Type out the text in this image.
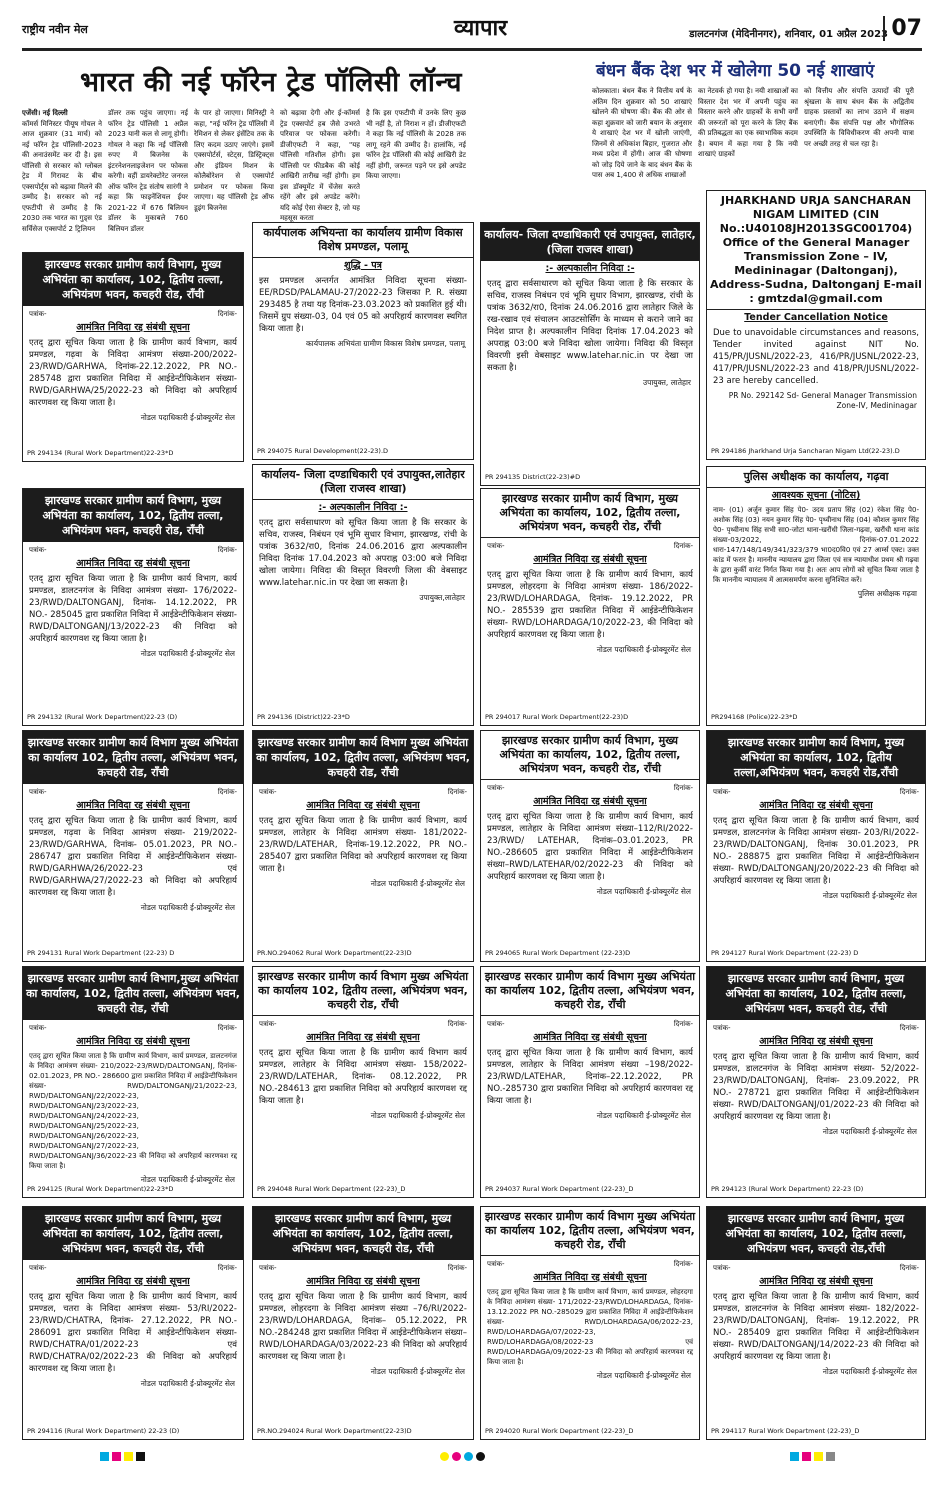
राष्ट्रीय नवीन मेल	व्यापार	डालटनगंज (मेदिनीनगर), शनिवार, 01 अप्रैल 2023 07
भारत की नई फॉरेन ट्रेड पॉलिसी लॉन्च	बंधन बैंक देश भर में खोलेगा 50 नई शाखाएं
एजेंसी। नई दिल्ली
कॉमर्स मिनिस्टर पीयूष गोयल ने आज शुक्रवार (31 मार्च) को नई फॉरेन ट्रेड पॉलिसी-2023 की अनाउंसमेंट कर दी है। इस पॉलिसी से सरकार को ग्लोबल ट्रेड में गिरावट के बीच एक्सपोर्ट्स को बढ़ावा मिलने की उम्मीद है। सरकार को नई एफटीपी से उम्मीद है कि 2030 तक भारत का गुड्स एंड सर्विसेज एक्सपोर्ट 2 ट्रिलियन
डॉलर तक पहुंच जाएगा। नई फॉरेन ट्रेड पॉलिसी 1 अप्रैल 2023 यानी कल से लागू होगी। गोयल ने कहा कि नई पॉलिसी रुपए में बिजनेस के इंटरनेशनलाइजेशन पर फोकस करेगी। वहीं डायरेक्टोरेट जनरल ऑफ फॉरेन ट्रेड संतोष सारंगी ने कहा कि फाइनेंशियल ईयर 2021-22 में 676 बिलियन डॉलर के मुकाबले 760 बिलियन डॉलर
के पार हो जाएगा। मिनिस्ट्री ने कहा, "नई फॉरेन ट्रेड पॉलिसी में रेमिशन से लेकर इंसेंटिव तक के लिए कदम उठाए जाएंगे। इसमें एक्सपोर्टर्स, स्टेट्स, डिस्ट्रिक्ट्स और इंडियन मिशन के कोलैबोरेशन से एक्सपोर्ट प्रमोशन पर फोकस किया जाएगा। यह पॉलिसी ट्रेड ऑफ डूइंग बिजनेस
को बढ़ावा देगी और ई-कॉमर्स ट्रेड एक्सपोर्ट हब जैसे उभरते परिवाज पर फोकस करेगी। डीजीएफटी ने कहा, "यह पॉलिसी गतिशील होगी। इस पॉलिसी पर फीडबैक की कोई आखिरी तारीख नहीं होगी। हम इस डॉक्यूमेंट में चेंजेस करते रहेंगे और इसे अपडेट करेंगे। यदि कोई ऐसा सेक्टर है, जो यह महसूस करता
है कि इस एफटीपी में उनके लिए कुछ भी नहीं है, तो निराश न हों। डीजीएफटी ने कहा कि नई पॉलिसी के 2028 तक लागू रहने की उम्मीद है। हालांकि, नई फॉरेन ट्रेड पॉलिसी की कोई आखिरी डेट नहीं होगी, जरूरत पड़ने पर इसे अपडेट किया जाएगा।
कोलकाता। बंधन बैंक ने वित्तीय वर्ष के अंतिम दिन शुक्रवार को 50 शाखाएं खोलने की घोषणा की। बैंक की ओर से कहा शुक्रवार को जारी बयान के अनुसार ये शाखाएं देश भर में खोली जाएंगी, जिनमें से अधिकांश बिहार, गुजरात और मध्य प्रदेश में होंगी। आज की घोषणा को जोड़ दिये जाने के बाद बंधन बैंक के पास अब 1,400 से अधिक शाखाओं
का नेटवर्क हो गया है। नयी शाखाओं का विस्तार देश भर में अपनी पहुंच का विस्तार करने और ग्राहकों के सभी वर्गों की जरूरतों को पूरा करने के लिए बैंक की प्रतिबद्धता का एक स्वाभाविक कदम है। बयान में कहा गया है कि नयी शाखाएं ग्राहकों
को वित्तीय और संपत्ति उत्पादों की पूरी श्रृंखला के साथ बंधन बैंक के अद्वितीय ग्राहक प्रस्तावों का लाभ उठाने में सक्षम बनाएंगी। बैंक संपत्ति पक्ष और भौगोलिक उपस्थिति के विविधीकरण की अपनी यात्रा पर अच्छी तरह से चल रहा है।
झारखण्ड सरकार ग्रामीण कार्य विभाग, मुख्य अभियंता का कार्यालय, 102, द्वितीय तल्ला, अभियंत्रण भवन, कचहरी रोड, राँची
पत्रांक-	दिनांक-
आमंत्रित निविदा रद्द संबंधी सूचना
एतद् द्वारा सूचित किया जाता है कि ग्रामीण कार्य विभाग, कार्य प्रमण्डल, गढ़वा के निविदा आमंत्रण संख्या-200/2022-23/RWD/GARHWA, दिनांक-22.12.2022, PR NO.- 285748 द्वारा प्रकाशित निविदा में आईडेन्टीफिकेशन संख्या- RWD/GARHWA/25/2022-23 को निविदा को अपरिहार्य कारणवश रद्द किया जाता है।
नोडल पदाधिकारी ई-प्रोक्यूरमेंट सेल
PR 294134 (Rural Work Department)22-23*D
कार्यपालक अभियन्ता का कार्यालय ग्रामीण विकास विशेष प्रमण्डल, पलामू
शुद्धि - पत्र
इस प्रमण्डल अन्तर्गत आमंत्रित निविदा सूचना संख्या- EE/RDSD/PALAMAU-27/2022-23 जिसका P. R. संख्या 293485 है तथा यह दिनांक-23.03.2023 को प्रकाशित हुई थी। जिसमें ग्रुप संख्या-03, 04 एवं 05 को अपरिहार्य कारणवश स्थगित किया जाता है।
कार्यपालक अभियंता ग्रामीण विकास विशेष प्रमण्डल, पलामू
PR 294075 Rural Development(22-23).D
कार्यालय- जिला दण्डाधिकारी एवं उपायुक्त, लातेहार, (जिला राजस्व शाखा)
:- अल्पकालीन निविदा :-
एतद् द्वारा सर्वसाधारण को सूचित किया जाता है कि सरकार के सचिव, राजस्व निबंधन एवं भूमि सुधार विभाग, झारखण्ड, रांची के पत्रांक 3632/रा0, दिनांक 24.06.2016 द्वारा लातेहार जिले के रख-रखाव एवं संचालन आउटसोर्सिंग के माध्यम से कराने जाने का निदेश प्राप्त है। अल्पकालीन निविदा दिनांक 17.04.2023 को अपराह्न 03:00 बजे निविदा खोला जायेगा। निविदा की विस्तृत विवरणी इसी वेबसाइट www.latehar.nic.in पर देखा जा सकता है।
उपायुक्त, लातेहार
PR 294135 District(22-23)#D
JHARKHAND URJA SANCHARAN NIGAM LIMITED (CIN No.:U40108JH2013SGC001704) Office of the General Manager Transmission Zone – IV, Medininagar (Daltonganj), Address-Sudna, Daltonganj E-mail : gmtzdal@gmail.com
Tender Cancellation Notice
Due to unavoidable circumstances and reasons, Tender invited against NIT No. 415/PR/JUSNL/2022-23, 416/PR/JUSNL/2022-23, 417/PR/JUSNL/2022-23 and 418/PR/JUSNL/2022-23 are hereby cancelled.
PR No. 292142 Sd- General Manager Transmission Zone-IV, Medininagar
PR 294186 Jharkhand Urja Sancharan Nigam Ltd(22-23).D
झारखण्ड सरकार ग्रामीण कार्य विभाग, मुख्य अभियंता का कार्यालय, 102, द्वितीय तल्ला, अभियंत्रण भवन, कचहरी रोड, राँची
पत्रांक-	दिनांक-
आमंत्रित निविदा रद्द संबंधी सूचना
एतद् द्वारा सूचित किया जाता है कि ग्रामीण कार्य विभाग, कार्य प्रमण्डल, डालटनगंज के निविदा आमंत्रण संख्या- 176/2022-23/RWD/DALTONGANJ, दिनांक- 14.12.2022, PR NO.- 285045 द्वारा प्रकाशित निविदा में आईडेन्टीफिकेशन संख्या- RWD/DALTONGANJ/13/2022-23 की निविदा को अपरिहार्य कारणवश रद्द किया जाता है।
नोडल पदाधिकारी ई-प्रोक्यूरमेंट सेल
PR 294132 (Rural Work Department)22-23 (D)
कार्यालय- जिला दण्डाधिकारी एवं उपायुक्त,लातेहार (जिला राजस्व शाखा)
:- अल्पकालीन निविदा :-
एतद् द्वारा सर्वसाधारण को सूचित किया जाता है कि सरकार के सचिव, राजस्व, निबंधन एवं भूमि सुधार विभाग, झारखण्ड, रांची के पत्रांक 3632/रा0, दिनांक 24.06.2016 द्वारा अल्पकालीन निविदा दिनांक 17.04.2023 को अपराह्न 03:00 बजे निविदा खोला जायेगा। निविदा की विस्तृत विवरणी जिला की वेबसाइट www.latehar.nic.in पर देखा जा सकता है।
उपायुक्त,लातेहार
PR 294136 (District)22-23*D
झारखण्ड सरकार ग्रामीण कार्य विभाग, मुख्य अभियंता का कार्यालय, 102, द्वितीय तल्ला, अभियंत्रण भवन, कचहरी रोड, राँची
पत्रांक-	दिनांक-
आमंत्रित निविदा रद्द संबंधी सूचना
एतद् द्वारा सूचित किया जाता है कि ग्रामीण कार्य विभाग, कार्य प्रमण्डल, लोहरदगा के निविदा आमंत्रण संख्या- 186/2022-23/RWD/LOHARDAGA, दिनांक- 19.12.2022, PR NO.- 285539 द्वारा प्रकाशित निविदा में आईडेन्टीफिकेशन संख्या- RWD/LOHARDAGA/10/2022-23, की निविदा को अपरिहार्य कारणवश रद्द किया जाता है।
नोडल पदाधिकारी ई-प्रोक्यूरमेंट सेल
PR 294017 Rural Work Department(22-23)D
पुलिस अधीक्षक का कार्यालय, गढ़वा
आवश्यक सूचना (नोटिस)
नाम- (01) अर्जुन कुमार सिंह पे0- उदय प्रताप सिंह (02) रंकेश सिंह पे0- अशोक सिंह (03) नयन कुमार सिंह पे0- पृथ्वीनाथ सिंह (04) कौशल कुमार सिंह पे0- पृथ्वीनाथ सिंह सभी सा0-जोटा थाना-खरौंधी जिला-गढ़वा, खरौंधी थाना कांड संख्या-03/2022, दिनांक-07.01.2022 धारा-147/148/149/341/323/379 भा0द0वि0 एवं 27 आर्म्स एक्ट। उक्त कांड में फरार है। माननीय न्यायालय द्वारा जिला एवं सत्र न्यायाधीश प्रथम श्री गढ़वा के द्वारा कुर्की वारंट निर्गत किया गया है। अतः आप लोगों को सूचित किया जाता है कि माननीय न्यायालय में आत्मसमर्पण करना सुनिश्चित करें।
पुलिस अधीक्षक गढ़वा
PR294168 (Police)22-23*D
झारखण्ड सरकार ग्रामीण कार्य विभाग मुख्य अभियंता का कार्यालय 102, द्वितीय तल्ला, अभियंत्रण भवन, कचहरी रोड, राँची
पत्रांक-	दिनांक-
आमंत्रित निविदा रद्द संबंधी सूचना
एतद् द्वारा सूचित किया जाता है कि ग्रामीण कार्य विभाग, कार्य प्रमण्डल, गढ़वा के निविदा आमंत्रण संख्या- 219/2022-23/RWD/GARHWA, दिनांक- 05.01.2023, PR NO.- 286747 द्वारा प्रकाशित निविदा में आईडेन्टीफिकेशन संख्या- RWD/GARHWA/26/2022-23 एवं RWD/GARHWA/27/2022-23 को निविदा को अपरिहार्य कारणवश रद्द किया जाता है।
नोडल पदाधिकारी ई-प्रोक्यूरमेंट सेल
PR 294131 Rural Work Department (22-23) D
झारखण्ड सरकार ग्रामीण कार्य विभाग मुख्य अभियंता का कार्यालय, 102, द्वितीय तल्ला, अभियंत्रण भवन, कचहरी रोड, राँची
पत्रांक-	दिनांक-
आमंत्रित निविदा रद्द संबंधी सूचना
एतद् द्वारा सूचित किया जाता है कि ग्रामीण कार्य विभाग, कार्य प्रमण्डल, लातेहार के निविदा आमंत्रण संख्या- 181/2022-23/RWD/LATEHAR, दिनांक-19.12.2022, PR NO.- 285407 द्वारा प्रकाशित निविदा को अपरिहार्य कारणवश रद्द किया जाता है।
नोडल पदाधिकारी ई-प्रोक्यूरमेंट सेल
PR.NO.294062 Rural Work Department(22-23)D
झारखण्ड सरकार ग्रामीण कार्य विभाग, मुख्य अभियंता का कार्यालय, 102, द्वितीय तल्ला, अभियंत्रण भवन, कचहरी रोड, राँची
पत्रांक-	दिनांक-
आमंत्रित निविदा रद्द संबंधी सूचना
एतद् द्वारा सूचित किया जाता है कि ग्रामीण कार्य विभाग, कार्य प्रमण्डल, लातेहार के निविदा आमंत्रण संख्या–112/RI/2022-23/RWD/ LATEHAR, दिनांक–03.01.2023, PR NO.-286605 द्वारा प्रकाशित निविदा में आईडेन्टीफिकेशन संख्या–RWD/LATEHAR/02/2022-23 की निविदा को अपरिहार्य कारणवश रद्द किया जाता है।
नोडल पदाधिकारी ई-प्रोक्यूरमेंट सेल
PR 294065 Rural Work Department (22-23)D
झारखण्ड सरकार ग्रामीण कार्य विभाग, मुख्य अभियंता का कार्यालय, 102, द्वितीय तल्ला,अभियंत्रण भवन, कचहरी रोड,राँची
पत्रांक-	दिनांक-
आमंत्रित निविदा रद्द संबंधी सूचना
एतद् द्वारा सूचित किया जाता है कि ग्रामीण कार्य विभाग, कार्य प्रमण्डल, डालटनगंज के निविदा आमंत्रण संख्या- 203/RI/2022-23/RWD/DALTONGANJ, दिनांक 30.01.2023, PR NO.- 288875 द्वारा प्रकाशित निविदा में आईडेन्टीफिकेशन संख्या- RWD/DALTONGANJ/20/2022-23 की निविदा को अपरिहार्य कारणवश रद्द किया जाता है।
नोडल पदाधिकारी ई-प्रोक्यूरमेंट सेल
PR 294127 Rural Work Department (22-23) D
झारखण्ड सरकार ग्रामीण कार्य विभाग,मुख्य अभियंता का कार्यालय, 102, द्वितीय तल्ला, अभियंत्रण भवन, कचहरी रोड, राँची
पत्रांक-	दिनांक-
आमंत्रित निविदा रद्द संबंधी सूचना
एतद् द्वारा सूचित किया जाता है कि ग्रामीण कार्य विभाग, कार्य प्रमण्डल, डालटनगंज के निविदा आमंत्रण संख्या- 210/2022-23/RWD/DALTONGANJ, दिनांक- 02.01.2023, PR NO.- 286600 द्वारा प्रकाशित निविदा में आईडेन्टीफिकेशन संख्या- RWD/DALTONGANJ/21/2022-23, RWD/DALTONGANJ/22/2022-23, RWD/DALTONGANJ/23/2022-23, RWD/DALTONGANJ/24/2022-23, RWD/DALTONGANJ/25/2022-23, RWD/DALTONGANJ/26/2022-23, RWD/DALTONGANJ/27/2022-23, RWD/DALTONGANJ/36/2022-23 की निविदा को अपरिहार्य कारणवश रद्द किया जाता है।
नोडल पदाधिकारी ई-प्रोक्यूरमेंट सेल
PR 294125 (Rural Work Department)22-23*D
झारखण्ड सरकार ग्रामीण कार्य विभाग मुख्य अभियंता का कार्यालय 102, द्वितीय तल्ला, अभियंत्रण भवन, कचहरी रोड, राँची
पत्रांक-	दिनांक-
आमंत्रित निविदा रद्द संबंधी सूचना
एतद् द्वारा सूचित किया जाता है कि ग्रामीण कार्य विभाग कार्य प्रमण्डल, लातेहार के निविदा आमंत्रण संख्या- 158/2022-23/RWD/LATEHAR, दिनांक- 08.12.2022, PR NO.-284613 द्वारा प्रकाशित निविदा को अपरिहार्य कारणवश रद्द किया जाता है।
नोडल पदाधिकारी ई-प्रोक्यूरमेंट सेल
PR 294048 Rural Work Department (22-23)_D
झारखण्ड सरकार ग्रामीण कार्य विभाग मुख्य अभियंता का कार्यालय 102, द्वितीय तल्ला, अभियंत्रण भवन, कचहरी रोड, राँची
पत्रांक-	दिनांक-
आमंत्रित निविदा रद्द संबंधी सूचना
एतद् द्वारा सूचित किया जाता है कि ग्रामीण कार्य विभाग, कार्य प्रमण्डल, लातेहार के निविदा आमंत्रण संख्या –198/2022-23/RWD/LATEHAR, दिनांक–22.12.2022, PR NO.-285730 द्वारा प्रकाशित निविदा को अपरिहार्य कारणवश रद्द किया जाता है।
नोडल पदाधिकारी ई-प्रोक्यूरमेंट सेल
PR 294037 Rural Work Department (22-23)_D
झारखण्ड सरकार ग्रामीण कार्य विभाग, मुख्य अभियंता का कार्यालय, 102, द्वितीय तल्ला, अभियंत्रण भवन, कचहरी रोड, राँची
पत्रांक-	दिनांक-
आमंत्रित निविदा रद्द संबंधी सूचना
एतद् द्वारा सूचित किया जाता है कि ग्रामीण कार्य विभाग, कार्य प्रमण्डल, डालटनगंज के निविदा आमंत्रण संख्या- 52/2022-23/RWD/DALTONGANJ, दिनांक- 23.09.2022, PR NO.- 278721 द्वारा प्रकाशित निविदा में आईडेन्टीफिकेशन संख्या- RWD/DALTONGANJ/01/2022-23 की निविदा को अपरिहार्य कारणवश रद्द किया जाता है।
नोडल पदाधिकारी ई-प्रोक्यूरमेंट सेल
PR 294123 (Rural Work Department) 22-23 (D)
झारखण्ड सरकार ग्रामीण कार्य विभाग, मुख्य अभियंता का कार्यालय, 102, द्वितीय तल्ला, अभियंत्रण भवन, कचहरी रोड, राँची
पत्रांक-	दिनांक-
आमंत्रित निविदा रद्द संबंधी सूचना
एतद् द्वारा सूचित किया जाता है कि ग्रामीण कार्य विभाग, कार्य प्रमण्डल, चतरा के निविदा आमंत्रण संख्या- 53/RI/2022-23/RWD/CHATRA, दिनांक- 27.12.2022, PR NO.- 286091 द्वारा प्रकाशित निविदा में आईडेन्टीफिकेशन संख्या- RWD/CHATRA/01/2022-23 एवं RWD/CHATRA/02/2022-23 की निविदा को अपरिहार्य कारणवश रद्द किया जाता है।
नोडल पदाधिकारी ई-प्रोक्यूरमेंट सेल
PR 294116 (Rural Work Department) 22-23 (D)
झारखण्ड सरकार ग्रामीण कार्य विभाग, मुख्य अभियंता का कार्यालय, 102, द्वितीय तल्ला, अभियंत्रण भवन, कचहरी रोड, राँची
पत्रांक-	दिनांक-
आमंत्रित निविदा रद्द संबंधी सूचना
एतद् द्वारा सूचित किया जाता है कि ग्रामीण कार्य विभाग, कार्य प्रमण्डल, लोहरदगा के निविदा आमंत्रण संख्या –76/RI/2022-23/RWD/LOHARDAGA, दिनांक– 05.12.2022, PR NO.-284248 द्वारा प्रकाशित निविदा में आईडेन्टीफिकेशन संख्या– RWD/LOHARDAGA/03/2022-23 की निविदा को अपरिहार्य कारणवश रद्द किया जाता है।
नोडल पदाधिकारी ई-प्रोक्यूरमेंट सेल
PR.NO.294024 Rural Work Department(22-23)D
झारखण्ड सरकार ग्रामीण कार्य विभाग मुख्य अभियंता का कार्यालय 102, द्वितीय तल्ला, अभियंत्रण भवन, कचहरी रोड, राँची
पत्रांक-	दिनांक-
आमंत्रित निविदा रद्द संबंधी सूचना
एतद् द्वारा सूचित किया जाता है कि ग्रामीण कार्य विभाग, कार्य प्रमण्डल, लोहरदगा के निविदा आमंत्रण संख्या- 171/2022-23/RWD/LOHARDAGA, दिनांक- 13.12.2022 PR NO.-285029 द्वारा प्रकाशित निविदा में आईडेन्टीफिकेशन संख्या- RWD/LOHARDAGA/06/2022-23, RWD/LOHARDAGA/07/2022-23, RWD/LOHARDAGA/08/2022-23 एवं RWD/LOHARDAGA/09/2022-23 की निविदा को अपरिहार्य कारणवश रद्द किया जाता है।
नोडल पदाधिकारी ई-प्रोक्यूरमेंट सेल
PR 294020 Rural Work Department (22-23)_D
झारखण्ड सरकार ग्रामीण कार्य विभाग, मुख्य अभियंता का कार्यालय, 102, द्वितीय तल्ला, अभियंत्रण भवन, कचहरी रोड,राँची
पत्रांक-	दिनांक-
आमंत्रित निविदा रद्द संबंधी सूचना
एतद् द्वारा सूचित किया जाता है कि ग्रामीण कार्य विभाग, कार्य प्रमण्डल, डालटनगंज के निविदा आमंत्रण संख्या- 182/2022-23/RWD/DALTONGANJ, दिनांक- 19.12.2022, PR NO.- 285409 द्वारा प्रकाशित निविदा में आईडेन्टीफिकेशन संख्या- RWD/DALTONGANJ/14/2022-23 की निविदा को अपरिहार्य कारणवश रद्द किया जाता है।
नोडल पदाधिकारी ई-प्रोक्यूरमेंट सेल
PR 294117 Rural Work Department (22-23)_D
